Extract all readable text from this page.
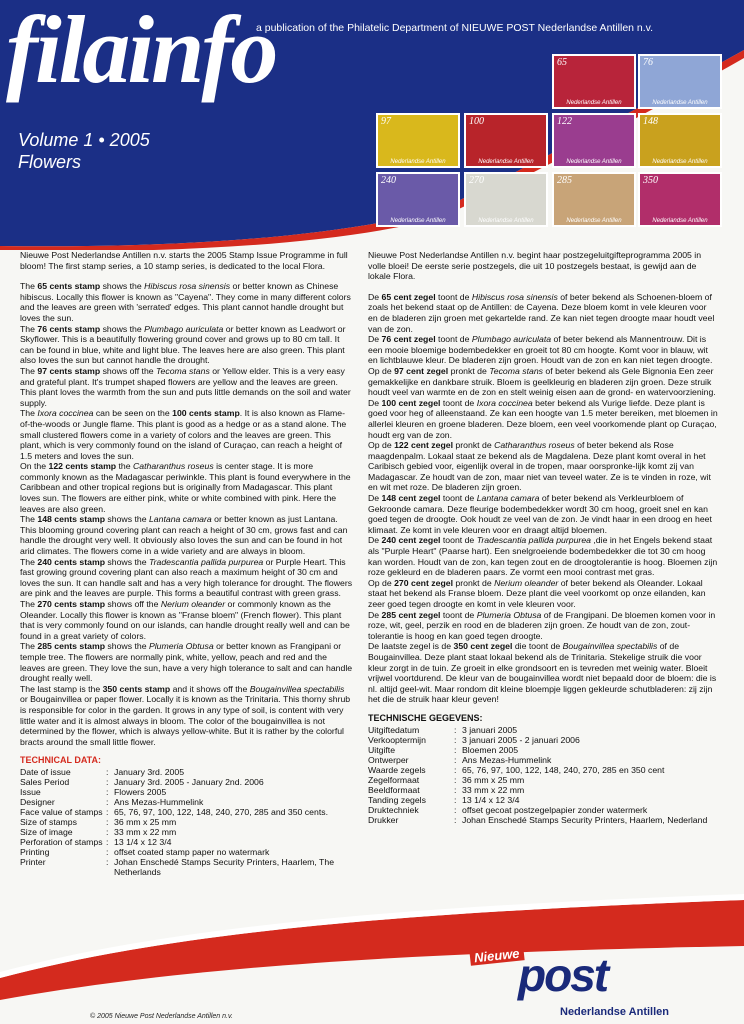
filainfo
a publication of the Philatelic Department of NIEUWE POST Nederlandse Antillen n.v.
Volume 1 • 2005
Flowers
65
Nederlandse Antillen
76
Nederlandse Antillen
97
Nederlandse Antillen
100
Nederlandse Antillen
122
Nederlandse Antillen
148
Nederlandse Antillen
240
Nederlandse Antillen
270
Nederlandse Antillen
285
Nederlandse Antillen
350
Nederlandse Antillen

Nieuwe Post Nederlandse Antillen n.v. starts the 2005 Stamp Issue Programme in full bloom! The first stamp series, a 10 stamp series, is dedicated to the local Flora.

The 65 cents stamp shows the Hibiscus rosa sinensis or better known as Chinese hibiscus. Locally this flower is known as "Cayena". They come in many different colors and the leaves are green with 'serrated' edges. This plant cannot handle drought but loves the sun.

The 76 cents stamp shows the Plumbago auriculata or better known as Leadwort or Skyflower. This is a beautifully flowering ground cover and grows up to 80 cm tall. It can be found in blue, white and light blue. The leaves here are also green. This plant also loves the sun but cannot handle the drought.

The 97 cents stamp shows off the Tecoma stans or Yellow elder. This is a very easy and grateful plant. It's trumpet shaped flowers are yellow and the leaves are green. This plant loves the warmth from the sun and puts little demands on the soil and water supply.

The Ixora coccinea can be seen on the 100 cents stamp. It is also known as Flame-of-the-woods or Jungle flame. This plant is good as a hedge or as a stand alone. The small clustered flowers come in a variety of colors and the leaves are green. This plant, which is very commonly found on the island of Curaçao, can reach a height of 1.5 meters and loves the sun.

On the 122 cents stamp the Catharanthus roseus is center stage. It is more commonly known as the Madagascar periwinkle. This plant is found everywhere in the Caribbean and other tropical regions but is originally from Madagascar. This plant loves sun. The flowers are either pink, white or white combined with pink. Here the leaves are also green.

The 148 cents stamp shows the Lantana camara or better known as just Lantana. This blooming ground covering plant can reach a height of 30 cm, grows fast and can handle the drought very well. It obviously also loves the sun and can be found in hot arid climates. The flowers come in a wide variety and are always in bloom.

The 240 cents stamp shows the Tradescantia pallida purpurea or Purple Heart. This fast growing ground covering plant can also reach a maximum height of 30 cm and loves the sun. It can handle salt and has a very high tolerance for drought. The flowers are pink and the leaves are purple. This forms a beautiful contrast with green grass.

The 270 cents stamp shows off the Nerium oleander or commonly known as the Oleander. Locally this flower is known as "Franse bloem" (French flower). This plant that is very commonly found on our islands, can handle drought really well and can be found in a great variety of colors.

The 285 cents stamp shows the Plumeria Obtusa or better known as Frangipani or temple tree. The flowers are normally pink, white, yellow, peach and red and the leaves are green. They love the sun, have a very high tolerance to salt and can handle drought really well.

The last stamp is the 350 cents stamp and it shows off the Bougainvillea spectabilis or Bougainvillea or paper flower. Locally it is known as the Trinitaria. This thorny shrub is responsible for color in the garden. It grows in any type of soil, is content with very little water and it is almost always in bloom. The color of the bougainvillea is not determined by the flower, which is always yellow-white. But it is rather by the colorful bracts around the small little flower.

TECHNICAL DATA:
Date of issue	:	January 3rd. 2005
Sales Period	:	January 3rd. 2005 - January 2nd. 2006
Issue	:	Flowers 2005
Designer	:	Ans Mezas-Hummelink
Face value of stamps	:	65, 76, 97, 100, 122, 148, 240, 270, 285 and 350 cents.
Size of stamps	:	36 mm x 25 mm
Size of image	:	33 mm x 22 mm
Perforation of stamps	:	13 1/4 x 12 3/4
Printing	:	offset coated stamp paper no watermark
Printer	:	Johan Enschedé Stamps Security Printers, Haarlem, The Netherlands

Nieuwe Post Nederlandse Antillen n.v. begint haar postzegeluitgifteprogramma 2005 in volle bloei! De eerste serie postzegels, die uit 10 postzegels bestaat, is gewijd aan de lokale Flora.

De 65 cent zegel toont de Hibiscus rosa sinensis of beter bekend als Schoenen-bloem of zoals het bekend staat op de Antillen: de Cayena. Deze bloem komt in vele kleuren voor en de bladeren zijn groen met gekartelde rand. Ze kan niet tegen droogte maar houdt veel van de zon.

De 76 cent zegel toont de Plumbago auriculata of beter bekend als Mannentrouw. Dit is een mooie bloemige bodembedekker en groeit tot 80 cm hoogte. Komt voor in blauw, wit en lichtblauwe kleur. De bladeren zijn groen. Houdt van de zon en kan niet tegen droogte.

Op de 97 cent zegel pronkt de Tecoma stans of beter bekend als Gele Bignonia Een zeer gemakkelijke en dankbare struik. Bloem is geelkleurig en bladeren zijn groen. Deze struik houdt veel van warmte en de zon en stelt weinig eisen aan de grond- en watervoorziening.

De 100 cent zegel toont de Ixora coccinea beter bekend als Vurige liefde. Deze plant is goed voor heg of alleenstaand. Ze kan een hoogte van 1.5 meter bereiken, met bloemen in allerlei kleuren en groene bladeren. Deze bloem, een veel voorkomende plant op Curaçao, houdt erg van de zon.

Op de 122 cent zegel pronkt de Catharanthus roseus of beter bekend als Rose maagdenpalm. Lokaal staat ze bekend als de Magdalena. Deze plant komt overal in het Caribisch gebied voor, eigenlijk overal in de tropen, maar oorspronke-lijk komt zij van Madagascar. Ze houdt van de zon, maar niet van teveel water. Ze is te vinden in roze, wit en wit met roze. De bladeren zijn groen.

De 148 cent zegel toont de Lantana camara of beter bekend als Verkleurbloem of Gekroonde camara. Deze fleurige bodembedekker wordt 30 cm hoog, groeit snel en kan goed tegen de droogte. Ook houdt ze veel van de zon. Je vindt haar in een droog en heet klimaat. Ze komt in vele kleuren voor en draagt altijd bloemen.

De 240 cent zegel toont de Tradescantia pallida purpurea ,die in het Engels bekend staat als "Purple Heart" (Paarse hart). Een snelgroeiende bodembedekker die tot 30 cm hoog kan worden. Houdt van de zon, kan tegen zout en de droogtolerantie is hoog. Bloemen zijn roze gekleurd en de bladeren paars. Ze vormt een mooi contrast met gras.

Op de 270 cent zegel pronkt de Nerium oleander of beter bekend als Oleander. Lokaal staat het bekend als Franse bloem. Deze plant die veel voorkomt op onze eilanden, kan zeer goed tegen droogte en komt in vele kleuren voor.

De 285 cent zegel toont de Plumeria Obtusa of de Frangipani. De bloemen komen voor in roze, wit, geel, perzik en rood en de bladeren zijn groen. Ze houdt van de zon, zout-tolerantie is hoog en kan goed tegen droogte.

De laatste zegel is de 350 cent zegel die toont de Bougainvillea spectabilis of de Bougainvillea. Deze plant staat lokaal bekend als de Trinitaria. Stekelige struik die voor kleur zorgt in de tuin. Ze groeit in elke grondsoort en is tevreden met weinig water. Bloeit vrijwel voortdurend. De kleur van de bougainvillea wordt niet bepaald door de bloem: die is nl. altijd geel-wit. Maar rondom dit kleine bloempje liggen gekleurde schutbladeren: zij zijn het die de struik haar kleur geven!

TECHNISCHE GEGEVENS:
Uitgiftedatum	:	3 januari 2005
Verkooptermijn	:	3 januari 2005 - 2 januari 2006
Uitgifte	:	Bloemen 2005
Ontwerper	:	Ans Mezas-Hummelink
Waarde zegels	:	65, 76, 97, 100, 122, 148, 240, 270, 285 en 350 cent
Zegelformaat	:	36 mm x 25 mm
Beeldformaat	:	33 mm x 22 mm
Tanding zegels	:	13 1/4 x 12 3/4
Druktechniek	:	offset gecoat postzegelpapier zonder watermerk
Drukker	:	Johan Enschedé Stamps Security Printers, Haarlem, Nederland
© 2005 Nieuwe Post Nederlandse Antillen n.v.
Nieuwe
post
Nederlandse Antillen
